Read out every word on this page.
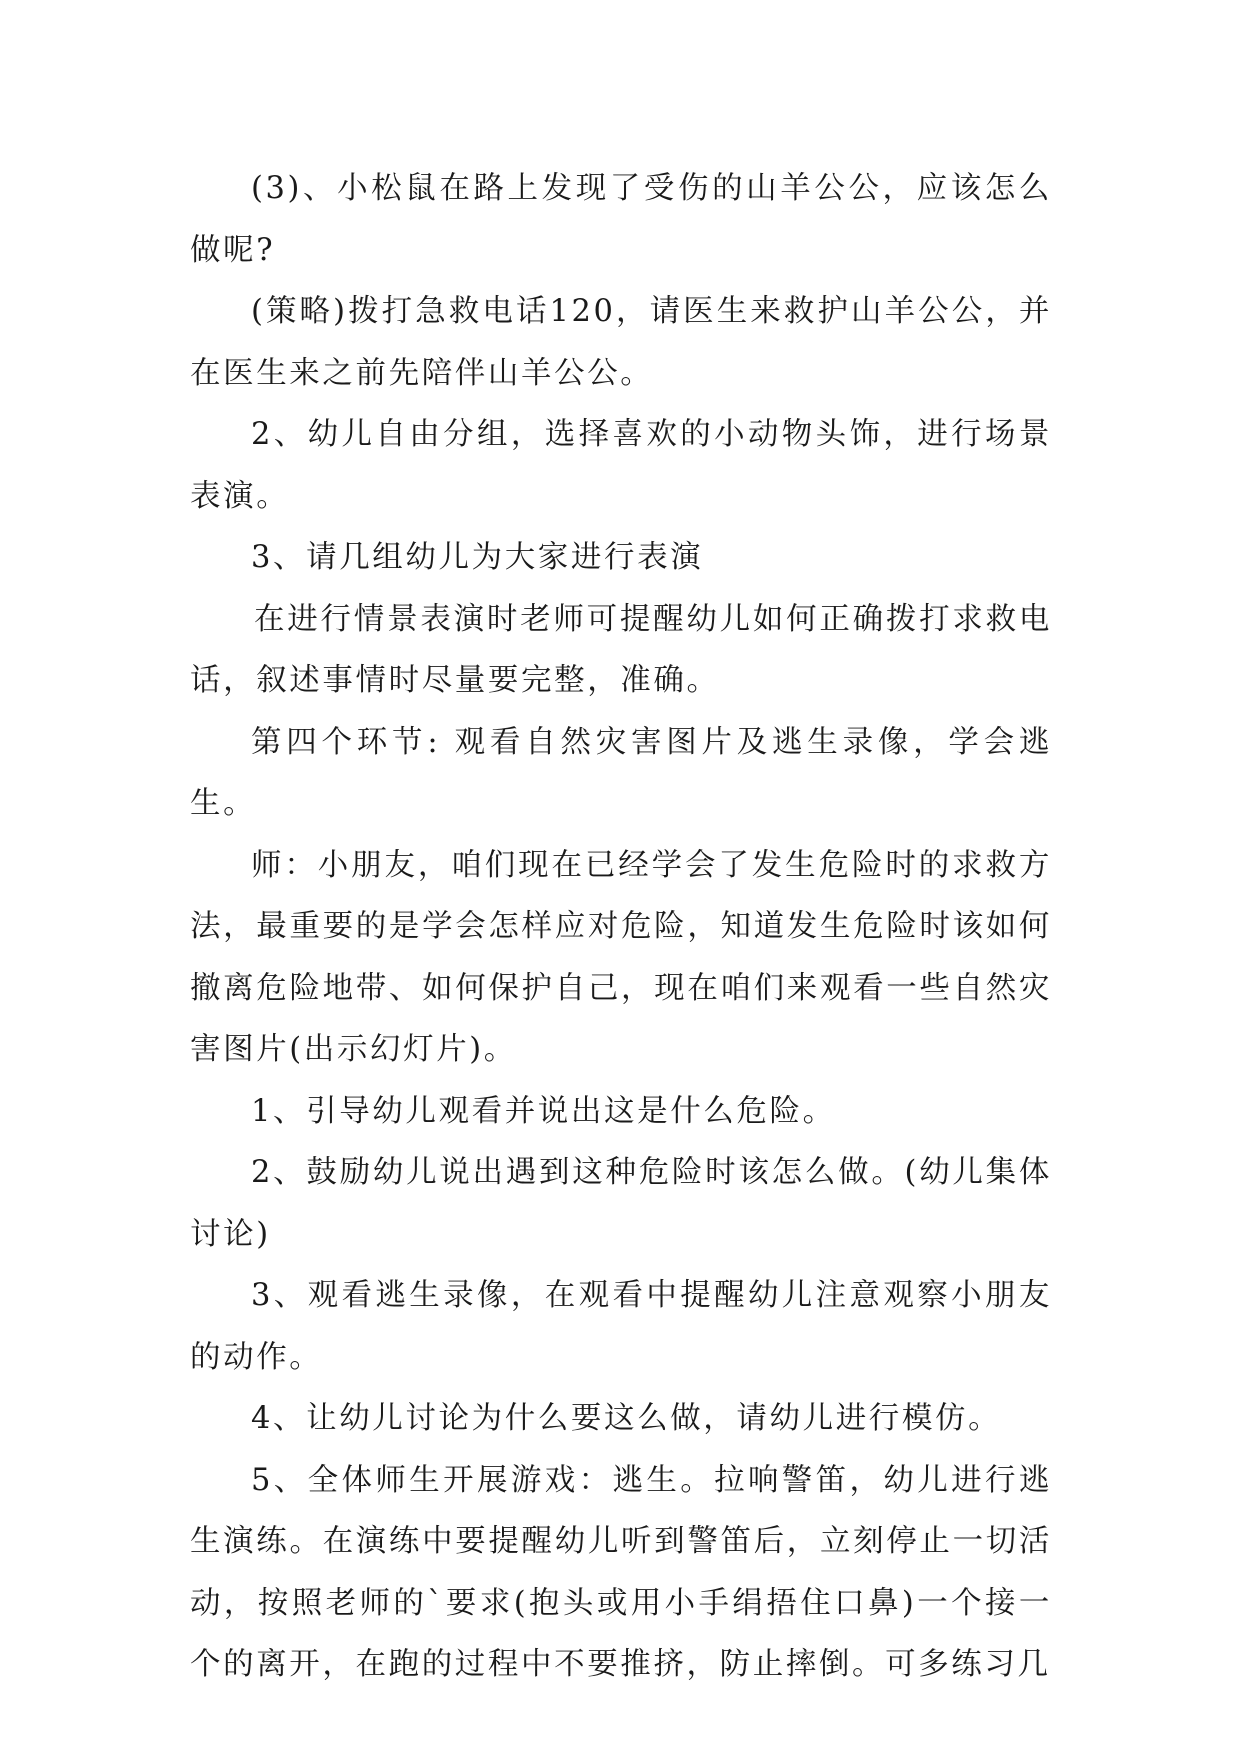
(3)、小松鼠在路上发现了受伤的山羊公公，应该怎么做呢?

(策略)拨打急救电话120，请医生来救护山羊公公，并在医生来之前先陪伴山羊公公。

2、幼儿自由分组，选择喜欢的小动物头饰，进行场景表演。

3、请几组幼儿为大家进行表演

在进行情景表演时老师可提醒幼儿如何正确拨打求救电话，叙述事情时尽量要完整，准确。

第四个环节: 观看自然灾害图片及逃生录像，学会逃生。

师：小朋友，咱们现在已经学会了发生危险时的求救方法，最重要的是学会怎样应对危险，知道发生危险时该如何撤离危险地带、如何保护自己，现在咱们来观看一些自然灾害图片(出示幻灯片)。

1、引导幼儿观看并说出这是什么危险。

2、鼓励幼儿说出遇到这种危险时该怎么做。(幼儿集体讨论)

3、观看逃生录像，在观看中提醒幼儿注意观察小朋友的动作。

4、让幼儿讨论为什么要这么做，请幼儿进行模仿。

5、全体师生开展游戏：逃生。拉响警笛，幼儿进行逃生演练。在演练中要提醒幼儿听到警笛后，立刻停止一切活动，按照老师的`要求(抱头或用小手绢捂住口鼻)一个接一个的离开，在跑的过程中不要推挤，防止摔倒。可多练习几
